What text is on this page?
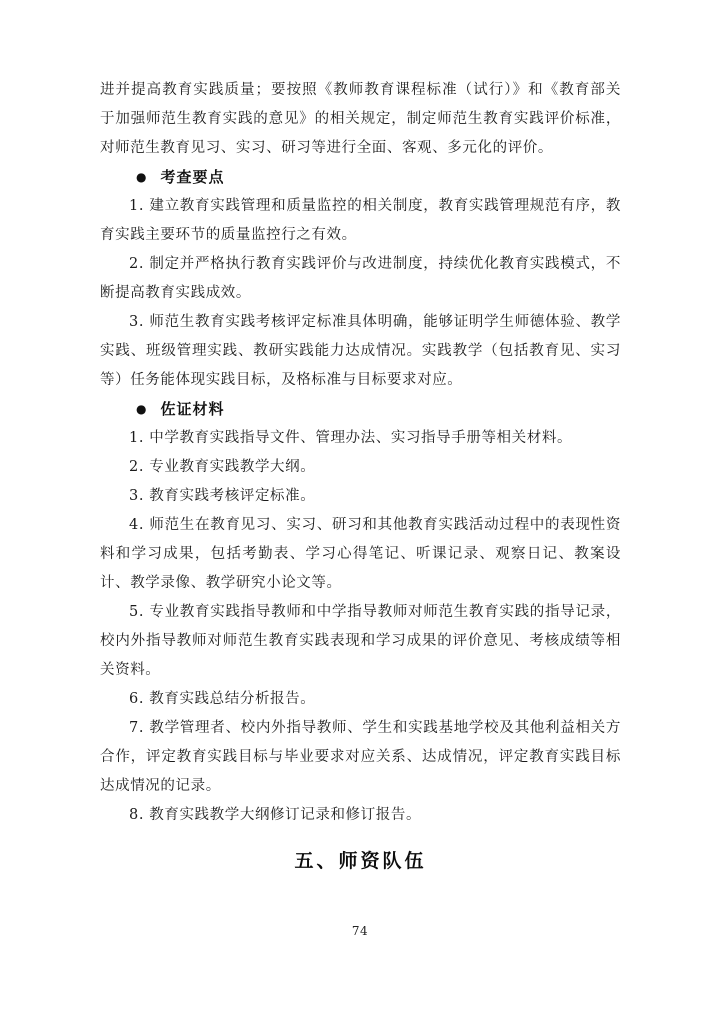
进并提高教育实践质量；要按照《教师教育课程标准（试行）》和《教育部关于加强师范生教育实践的意见》的相关规定，制定师范生教育实践评价标准，对师范生教育见习、实习、研习等进行全面、客观、多元化的评价。

● 考查要点

1. 建立教育实践管理和质量监控的相关制度，教育实践管理规范有序，教育实践主要环节的质量监控行之有效。

2. 制定并严格执行教育实践评价与改进制度，持续优化教育实践模式，不断提高教育实践成效。

3. 师范生教育实践考核评定标准具体明确，能够证明学生师德体验、教学实践、班级管理实践、教研实践能力达成情况。实践教学（包括教育见、实习等）任务能体现实践目标，及格标准与目标要求对应。

● 佐证材料

1. 中学教育实践指导文件、管理办法、实习指导手册等相关材料。

2. 专业教育实践教学大纲。

3. 教育实践考核评定标准。

4. 师范生在教育见习、实习、研习和其他教育实践活动过程中的表现性资料和学习成果，包括考勤表、学习心得笔记、听课记录、观察日记、教案设计、教学录像、教学研究小论文等。

5. 专业教育实践指导教师和中学指导教师对师范生教育实践的指导记录，校内外指导教师对师范生教育实践表现和学习成果的评价意见、考核成绩等相关资料。

6. 教育实践总结分析报告。

7. 教学管理者、校内外指导教师、学生和实践基地学校及其他利益相关方合作，评定教育实践目标与毕业要求对应关系、达成情况，评定教育实践目标达成情况的记录。

8. 教育实践教学大纲修订记录和修订报告。

五、师资队伍
74
